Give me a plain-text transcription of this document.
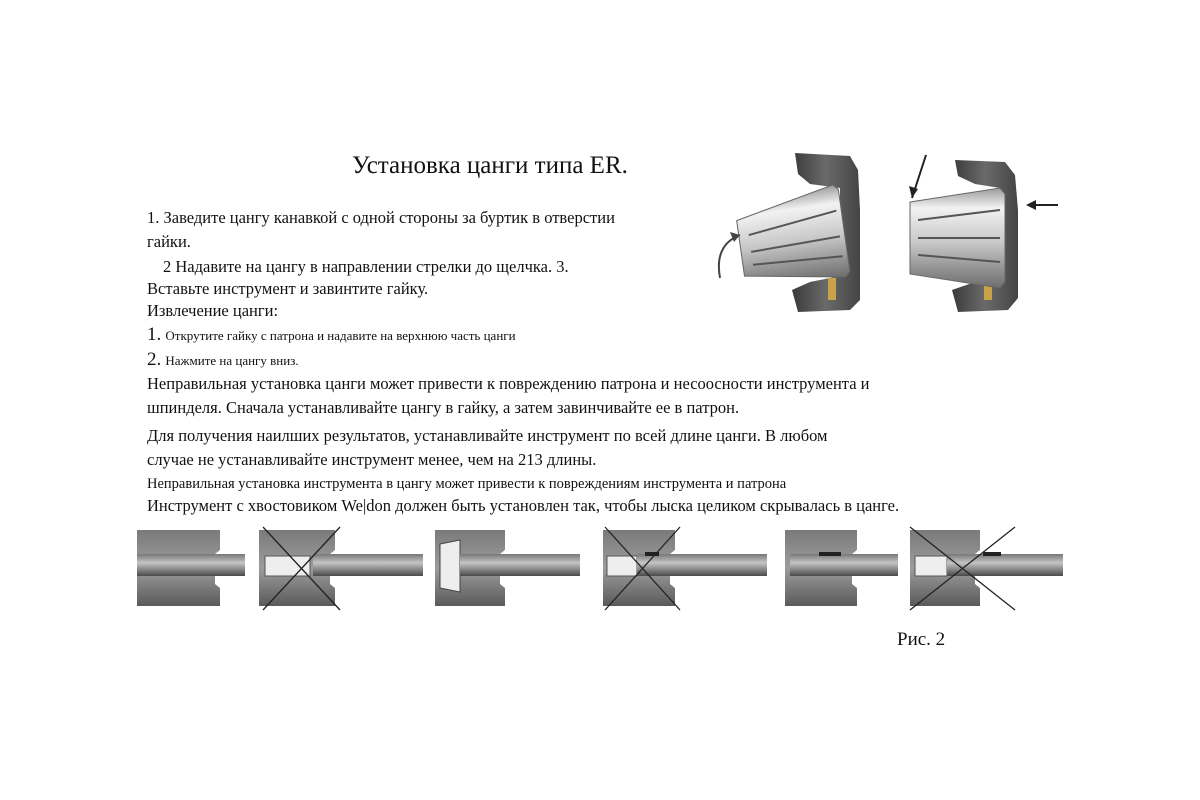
Установка цанги типа ER.
1. Заведите цангу канавкой с одной стороны за буртик в отверстии
гайки.
2 Надавите на цангу в направлении стрелки до щелчка. 3.
Вставьте инструмент и завинтите гайку.
Извлечение цанги:
1. Открутите гайку с патрона и надавите на верхнюю часть цанги
2. Нажмите на цангу вниз.
Неправильная установка цанги может привести к повреждению патрона и несоосности инструмента и
шпинделя. Сначала устанавливайте цангу в гайку, а затем завинчивайте ее в патрон.
Для получения наилших результатов, устанавливайте инструмент по всей длине цанги. В любом
случае не устанавливайте инструмент менее, чем на 213 длины.
Неправильная установка инструмента в цангу может привести к повреждениям инструмента и патрона
Инструмент с хвостовиком We|don должен быть установлен так, чтобы лыска целиком скрывалась в цанге.
Рис. 2
